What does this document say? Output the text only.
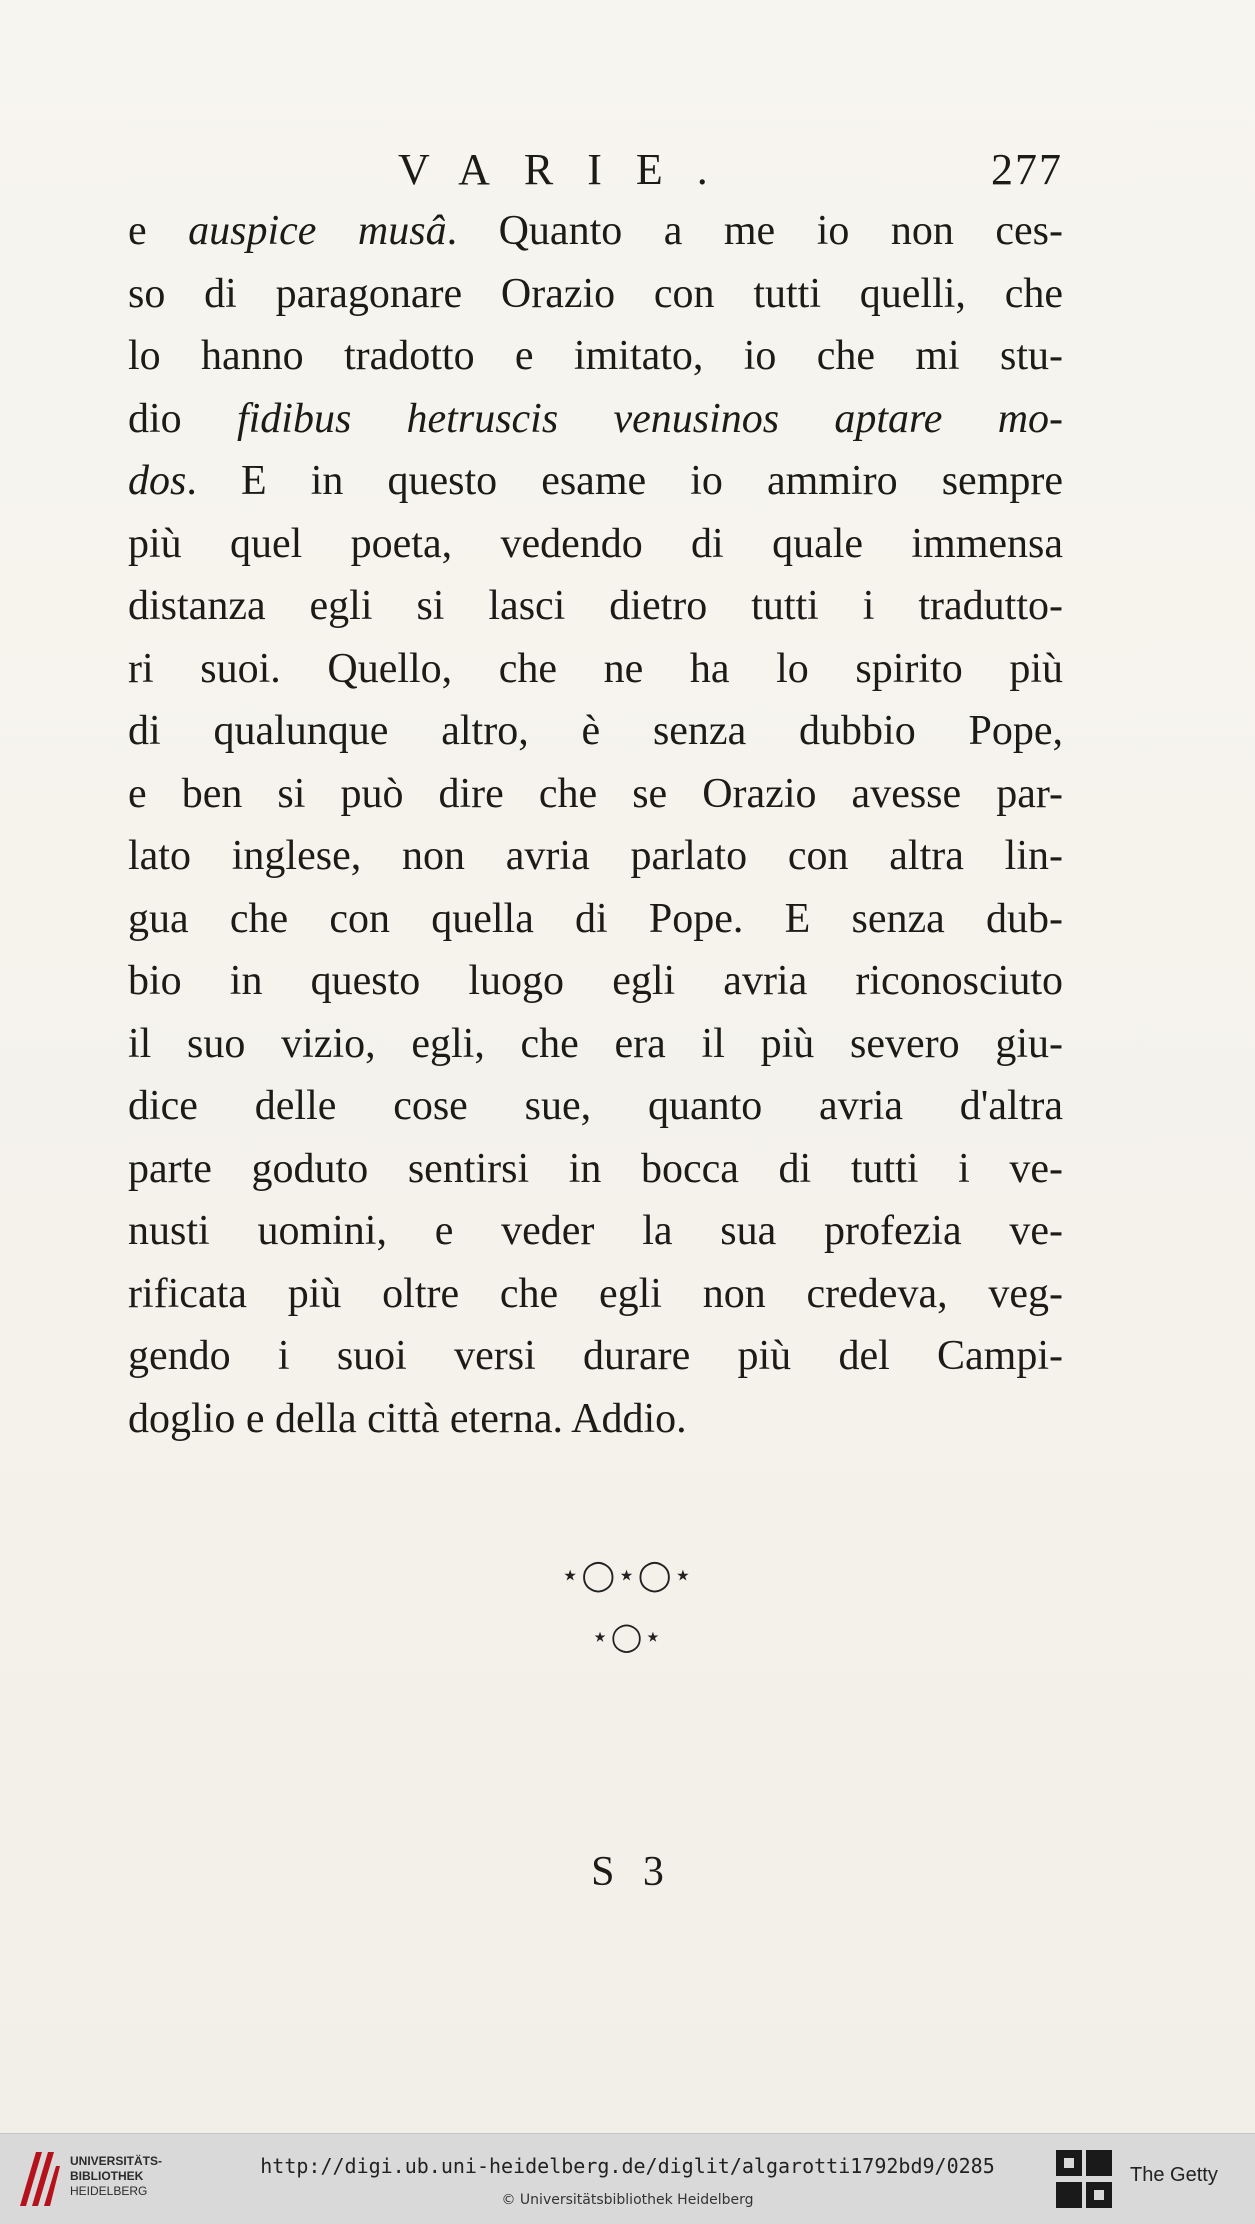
VARIE.	277
e auspice musâ. Quanto a me io non ces-
so di paragonare Orazio con tutti quelli, che
lo hanno tradotto e imitato, io che mi stu-
dio fidibus hetruscis venusinos aptare mo-
dos. E in questo esame io ammiro sempre
più quel poeta, vedendo di quale immensa
distanza egli si lasci dietro tutti i tradutto-
ri suoi. Quello, che ne ha lo spirito più
di qualunque altro, è senza dubbio Pope,
e ben si può dire che se Orazio avesse par-
lato inglese, non avria parlato con altra lin-
gua che con quella di Pope. E senza dub-
bio in questo luogo egli avria riconosciuto
il suo vizio, egli, che era il più severo giu-
dice delle cose sue, quanto avria d'altra
parte goduto sentirsi in bocca di tutti i ve-
nusti uomini, e veder la sua profezia ve-
rificata più oltre che egli non credeva, veg-
gendo i suoi versi durare più del Campi-
doglio e della città eterna. Addio.
⋆◯⋆◯⋆
⋆◯⋆
S 3
UNIVERSITÄTS-
BIBLIOTHEK
HEIDELBERG
http://digi.ub.uni-heidelberg.de/diglit/algarotti1792bd9/0285
© Universitätsbibliothek Heidelberg
The Getty
